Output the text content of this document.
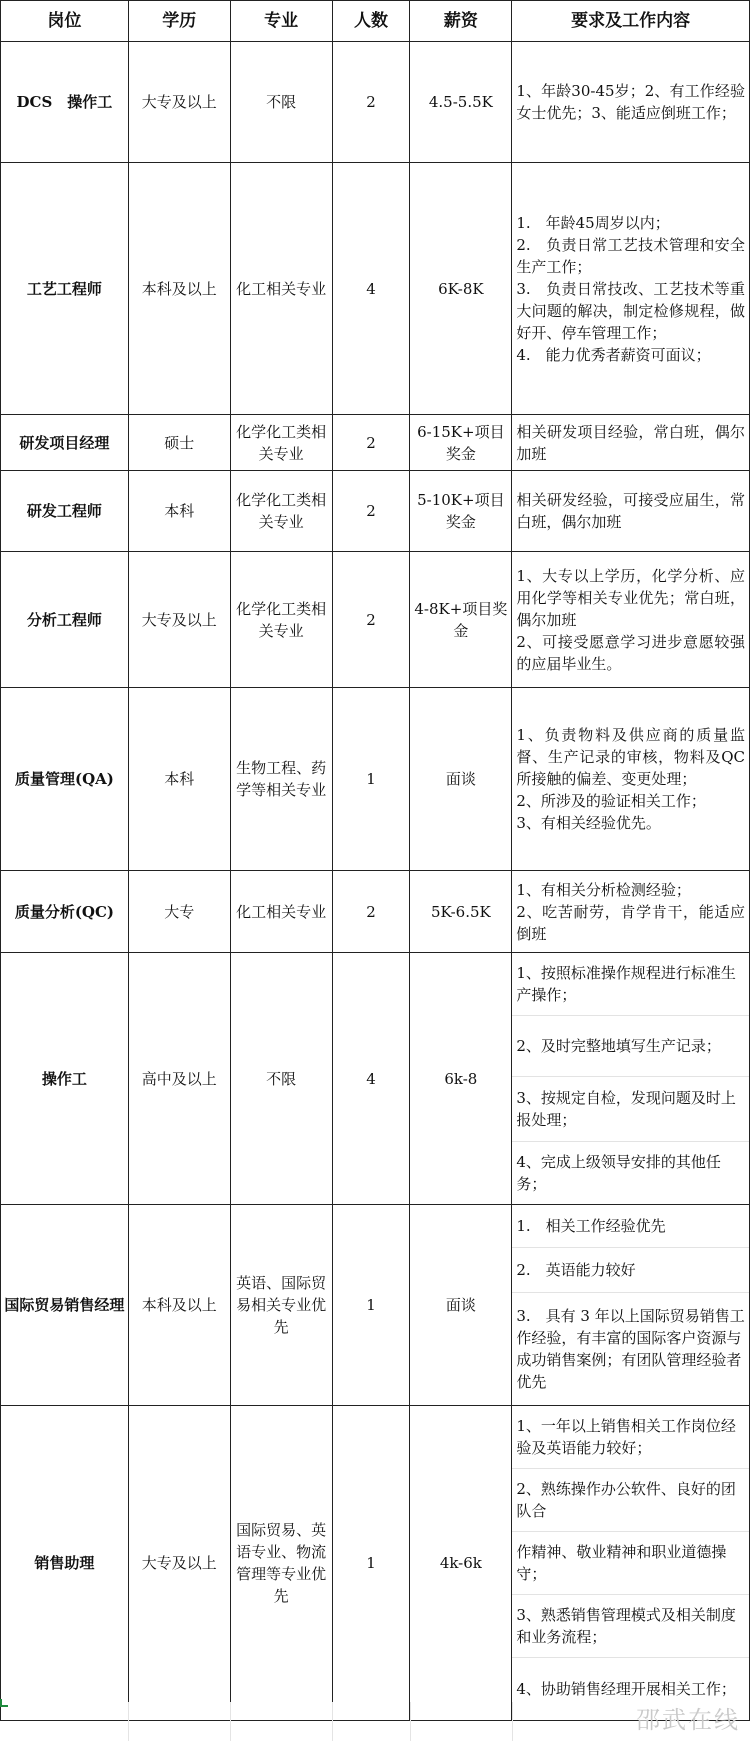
岗位	学历	专业	人数	薪资	要求及工作内容
DCS　操作工	大专及以上	不限	2	4.5-5.5K	1、年龄30-45岁；2、有工作经验女士优先；3、能适应倒班工作；

工艺工程师	本科及以上	化工相关专业	4	6K-8K	1.　年龄45周岁以内；
2.　负责日常工艺技术管理和安全生产工作；
3.　负责日常技改、工艺技术等重大问题的解决，制定检修规程，做好开、停车管理工作；
4.　能力优秀者薪资可面议；

研发项目经理	硕士	化学化工类相关专业	2	6-15K+项目奖金	相关研发项目经验，常白班，偶尔加班

研发工程师	本科	化学化工类相关专业	2	5-10K+项目奖金	相关研发经验，可接受应届生，常白班，偶尔加班

分析工程师	大专及以上	化学化工类相关专业	2	4-8K+项目奖金	1、大专以上学历，化学分析、应用化学等相关专业优先；常白班，偶尔加班
2、可接受愿意学习进步意愿较强的应届毕业生。

质量管理(QA)	本科	生物工程、药学等相关专业	1	面谈	1、负责物料及供应商的质量监督、生产记录的审核，物料及QC所接触的偏差、变更处理；
2、所涉及的验证相关工作；
3、有相关经验优先。

质量分析(QC)	大专	化工相关专业	2	5K-6.5K	1、有相关分析检测经验；
2、吃苦耐劳，肯学肯干，能适应倒班

操作工	高中及以上	不限	4	6k-8	1、按照标准操作规程进行标准生产操作；
2、及时完整地填写生产记录；
3、按规定自检，发现问题及时上报处理；
4、完成上级领导安排的其他任务；

国际贸易销售经理	本科及以上	英语、国际贸易相关专业优先	1	面谈	1.　相关工作经验优先
2.　英语能力较好
3.　具有 3 年以上国际贸易销售工作经验，有丰富的国际客户资源与成功销售案例；有团队管理经验者优先

销售助理	大专及以上	国际贸易、英语专业、物流管理等专业优先	1	4k-6k	1、一年以上销售相关工作岗位经验及英语能力较好；
2、熟练操作办公软件、良好的团队合
作精神、敬业精神和职业道德操守；
3、熟悉销售管理模式及相关制度和业务流程；
4、协助销售经理开展相关工作；
邵武在线
